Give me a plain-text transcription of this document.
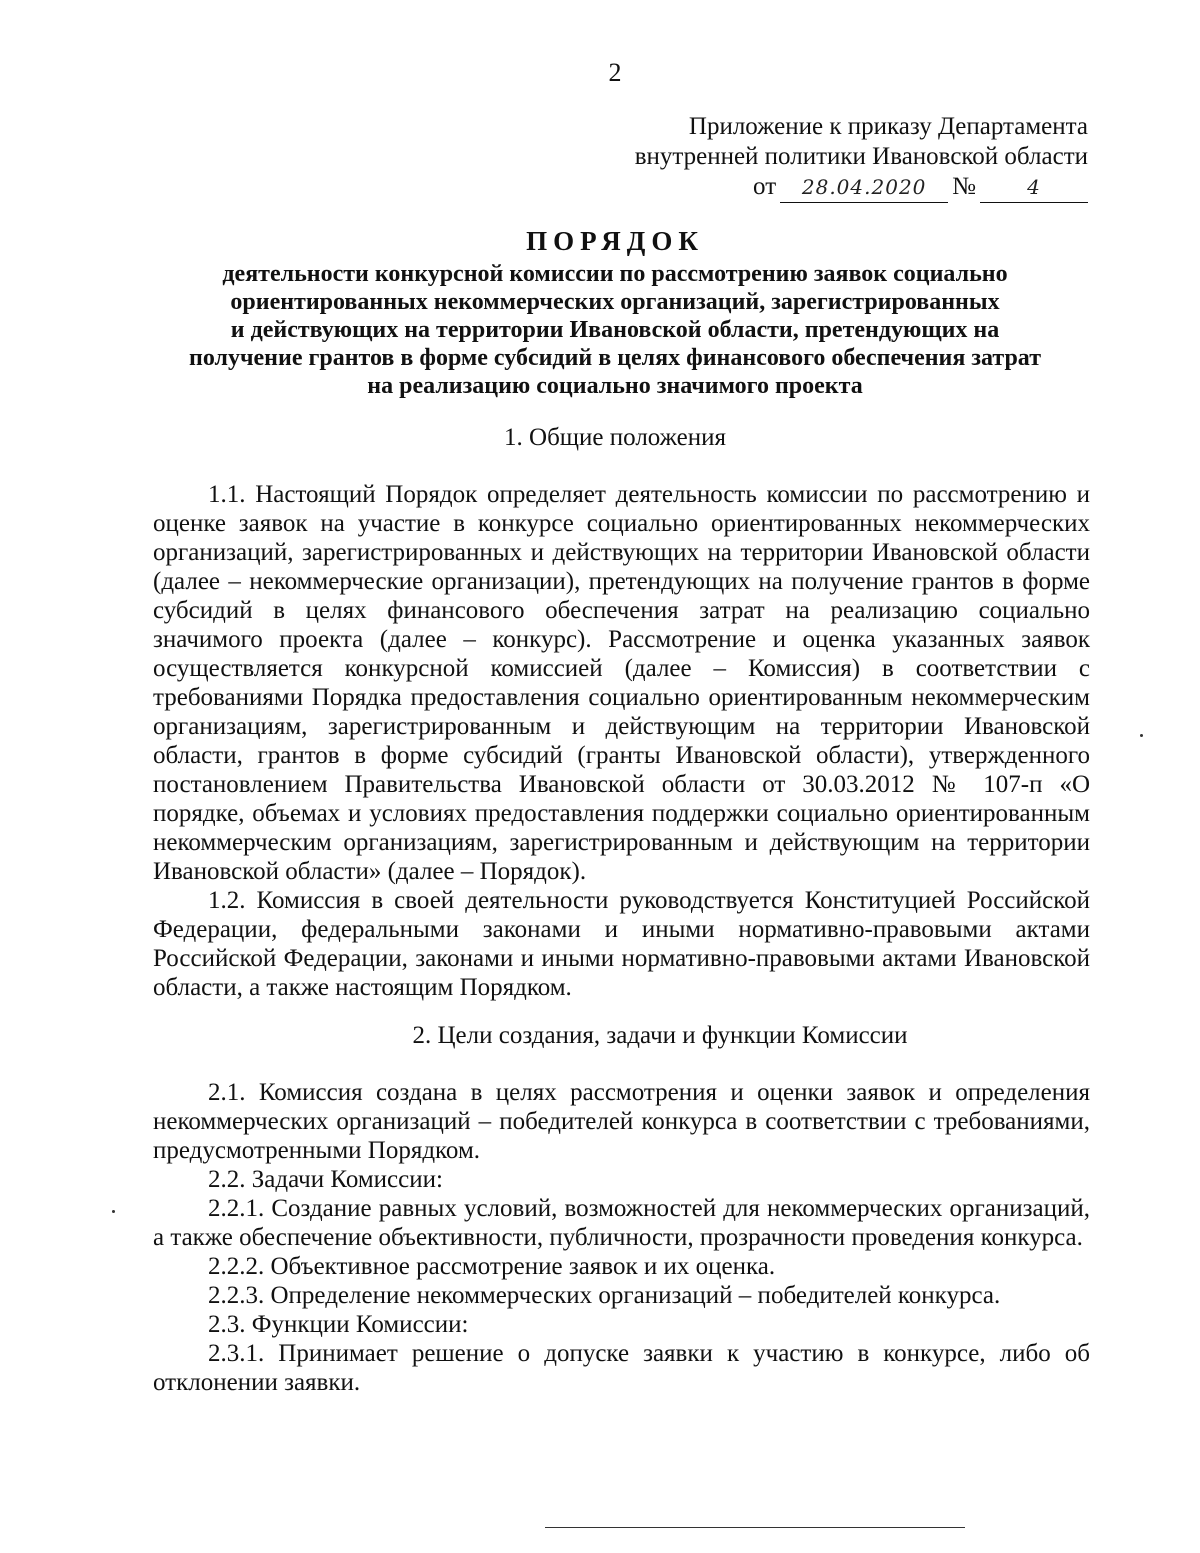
2
Приложение к приказу Департамента
внутренней политики Ивановской области
от	28.04.2020	№	4
ПОРЯДОК
деятельности конкурсной комиссии по рассмотрению заявок социально
ориентированных некоммерческих организаций, зарегистрированных
и действующих на территории Ивановской области, претендующих на
получение грантов в форме субсидий в целях финансового обеспечения затрат
на реализацию социально значимого проекта
1. Общие положения

1.1. Настоящий Порядок определяет деятельность комиссии по рассмотрению и оценке заявок на участие в конкурсе социально ориентированных некоммерческих организаций, зарегистрированных и действующих на территории Ивановской области (далее – некоммерческие организации), претендующих на получение грантов в форме субсидий в целях финансового обеспечения затрат на реализацию социально значимого проекта (далее – конкурс). Рассмотрение и оценка указанных заявок осуществляется конкурсной комиссией (далее – Комиссия) в соответствии с требованиями Порядка предоставления социально ориентированным некоммерческим организациям, зарегистрированным и действующим на территории Ивановской области, грантов в форме субсидий (гранты Ивановской области), утвержденного постановлением Правительства Ивановской области от 30.03.2012 № 107-п «О порядке, объемах и условиях предоставления поддержки социально ориентированным некоммерческим организациям, зарегистрированным и действующим на территории Ивановской области» (далее – Порядок).

1.2. Комиссия в своей деятельности руководствуется Конституцией Российской Федерации, федеральными законами и иными нормативно-правовыми актами Российской Федерации, законами и иными нормативно-правовыми актами Ивановской области, а также настоящим Порядком.

2. Цели создания, задачи и функции Комиссии

2.1. Комиссия создана в целях рассмотрения и оценки заявок и определения некоммерческих организаций – победителей конкурса в соответствии с требованиями, предусмотренными Порядком.

2.2. Задачи Комиссии:

2.2.1. Создание равных условий, возможностей для некоммерческих организаций, а также обеспечение объективности, публичности, прозрачности проведения конкурса.

2.2.2. Объективное рассмотрение заявок и их оценка.

2.2.3. Определение некоммерческих организаций – победителей конкурса.

2.3. Функции Комиссии:

2.3.1. Принимает решение о допуске заявки к участию в конкурсе, либо об отклонении заявки.
